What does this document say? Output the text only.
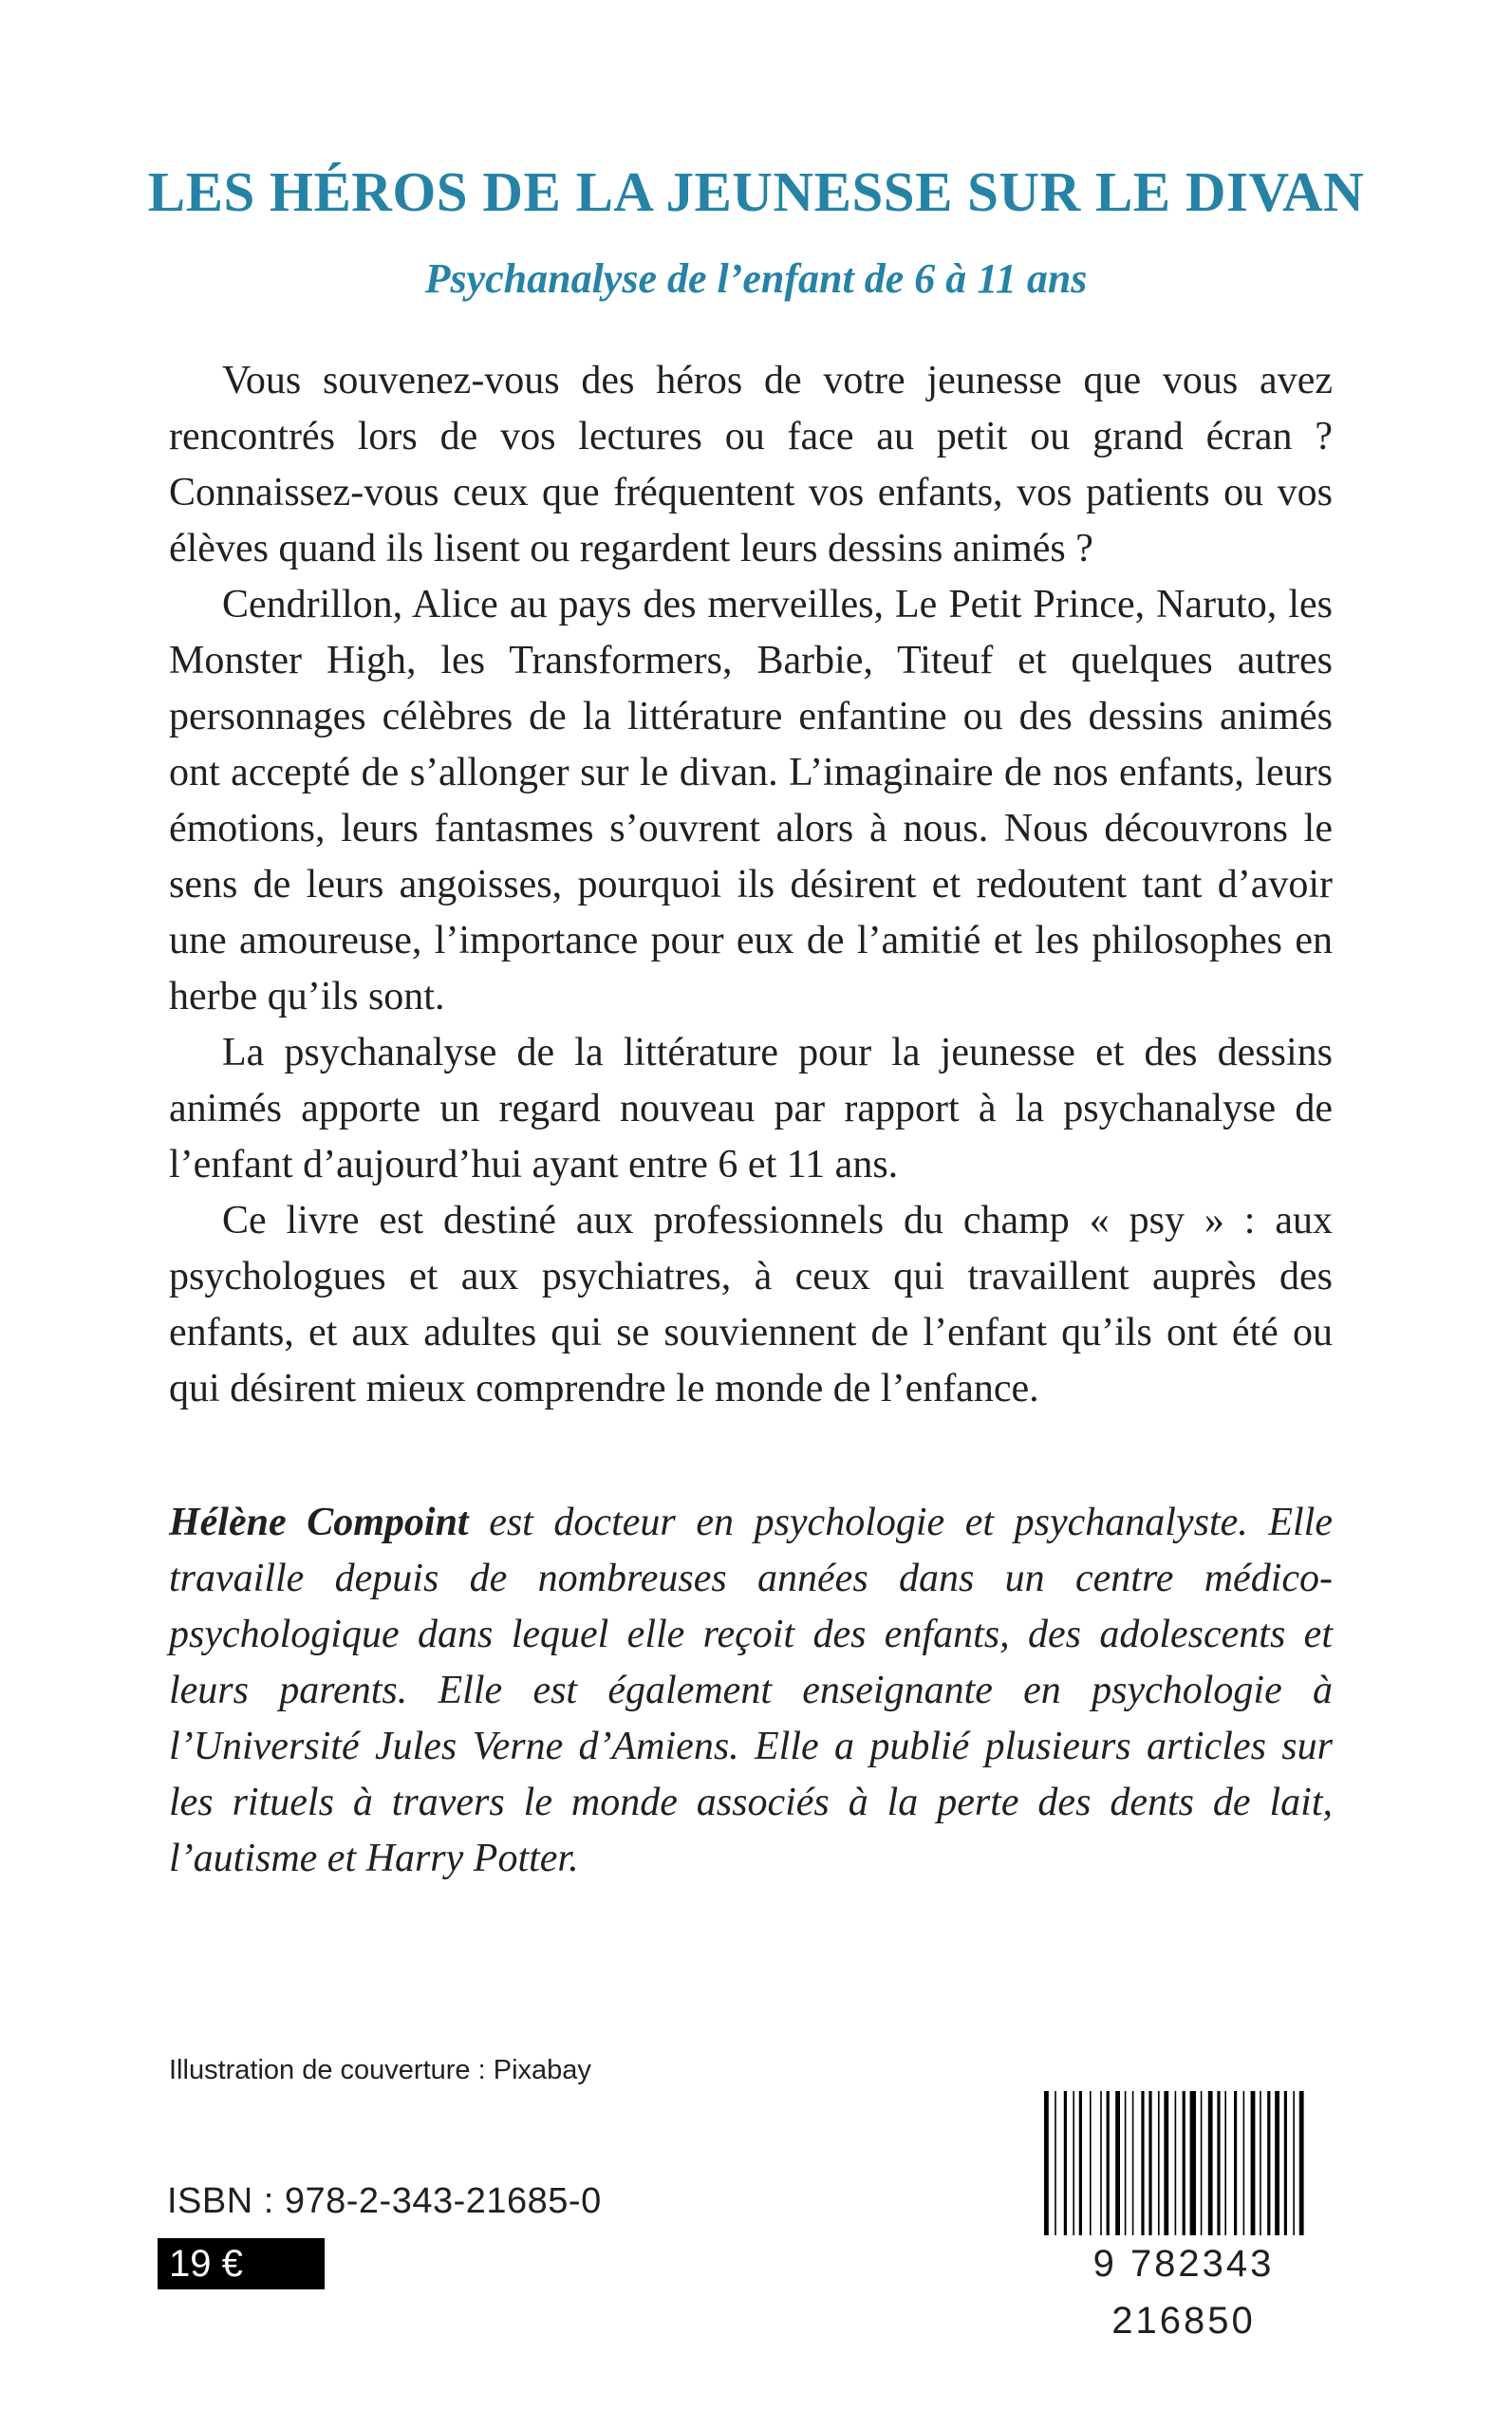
LES HÉROS DE LA JEUNESSE SUR LE DIVAN
Psychanalyse de l’enfant de 6 à 11 ans

Vous souvenez-vous des héros de votre jeunesse que vous avez rencontrés lors de vos lectures ou face au petit ou grand écran ? Connaissez-vous ceux que fréquentent vos enfants, vos patients ou vos élèves quand ils lisent ou regardent leurs dessins animés ?

Cendrillon, Alice au pays des merveilles, Le Petit Prince, Naruto, les Monster High, les Transformers, Barbie, Titeuf et quelques autres personnages célèbres de la littérature enfantine ou des dessins animés ont accepté de s’allonger sur le divan. L’imaginaire de nos enfants, leurs émotions, leurs fantasmes s’ouvrent alors à nous. Nous découvrons le sens de leurs angoisses, pourquoi ils désirent et redoutent tant d’avoir une amoureuse, l’importance pour eux de l’amitié et les philosophes en herbe qu’ils sont.

La psychanalyse de la littérature pour la jeunesse et des dessins animés apporte un regard nouveau par rapport à la psychanalyse de l’enfant d’aujourd’hui ayant entre 6 et 11 ans.

Ce livre est destiné aux professionnels du champ « psy » : aux psychologues et aux psychiatres, à ceux qui travaillent auprès des enfants, et aux adultes qui se souviennent de l’enfant qu’ils ont été ou qui désirent mieux comprendre le monde de l’enfance.

Hélène Compoint est docteur en psychologie et psychanalyste. Elle travaille depuis de nombreuses années dans un centre médico-psychologique dans lequel elle reçoit des enfants, des adolescents et leurs parents. Elle est également enseignante en psychologie à l’Université Jules Verne d’Amiens. Elle a publié plusieurs articles sur les rituels à travers le monde associés à la perte des dents de lait, l’autisme et Harry Potter.

Illustration de couverture : Pixabay
ISBN : 978-2-343-21685-0
19 €	9 782343 216850
